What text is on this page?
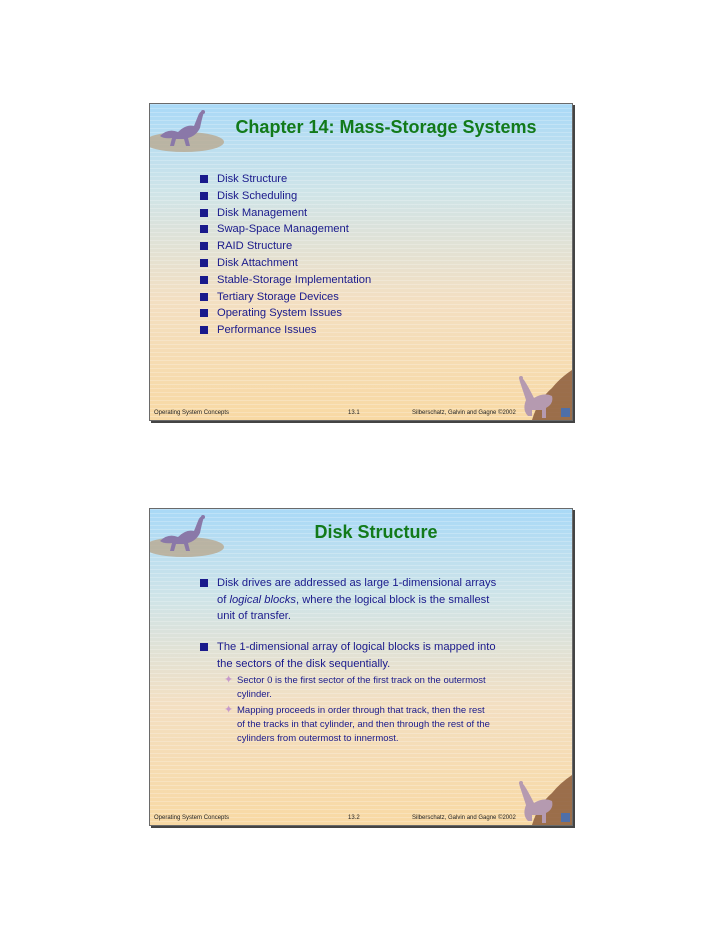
Chapter 14: Mass-Storage Systems
Disk Structure
Disk Scheduling
Disk Management
Swap-Space Management
RAID Structure
Disk Attachment
Stable-Storage Implementation
Tertiary Storage Devices
Operating System Issues
Performance Issues
Operating System Concepts	13.1	Silberschatz, Galvin and Gagne ©2002
Disk Structure
Disk drives are addressed as large 1-dimensional arrays
of logical blocks, where the logical block is the smallest
unit of transfer.
The 1-dimensional array of logical blocks is mapped into
the sectors of the disk sequentially.
✦ Sector 0 is the first sector of the first track on the outermost
cylinder.
✦ Mapping proceeds in order through that track, then the rest
of the tracks in that cylinder, and then through the rest of the
cylinders from outermost to innermost.
Operating System Concepts	13.2	Silberschatz, Galvin and Gagne ©2002
